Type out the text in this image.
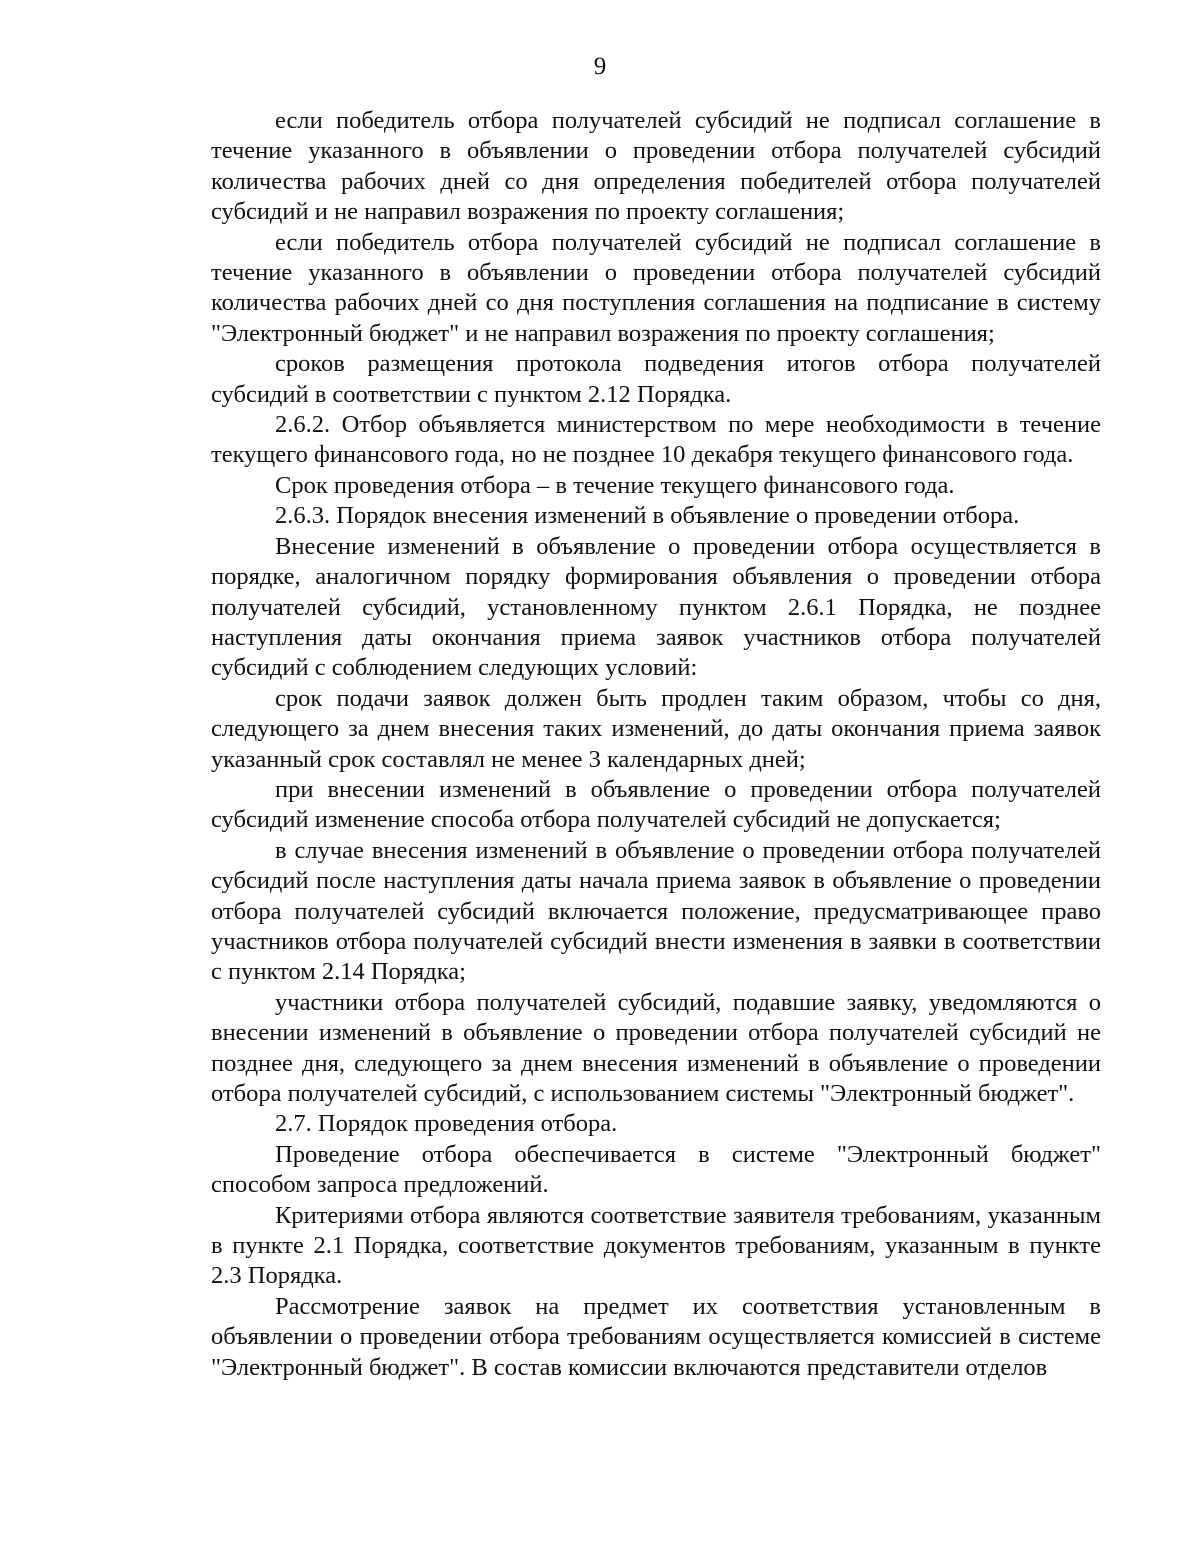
9

если победитель отбора получателей субсидий не подписал соглашение в течение указанного в объявлении о проведении отбора получателей субсидий количества рабочих дней со дня определения победителей отбора получателей субсидий и не направил возражения по проекту соглашения;

если победитель отбора получателей субсидий не подписал соглашение в течение указанного в объявлении о проведении отбора получателей субсидий количества рабочих дней со дня поступления соглашения на подписание в систему "Электронный бюджет" и не направил возражения по проекту соглашения;

сроков размещения протокола подведения итогов отбора получателей субсидий в соответствии с пунктом 2.12 Порядка.

2.6.2. Отбор объявляется министерством по мере необходимости в течение текущего финансового года, но не позднее 10 декабря текущего финансового года.

Срок проведения отбора – в течение текущего финансового года.

2.6.3. Порядок внесения изменений в объявление о проведении отбора.

Внесение изменений в объявление о проведении отбора осуществляется в порядке, аналогичном порядку формирования объявления о проведении отбора получателей субсидий, установленному пунктом 2.6.1 Порядка, не позднее наступления даты окончания приема заявок участников отбора получателей субсидий с соблюдением следующих условий:

срок подачи заявок должен быть продлен таким образом, чтобы со дня, следующего за днем внесения таких изменений, до даты окончания приема заявок указанный срок составлял не менее 3 календарных дней;

при внесении изменений в объявление о проведении отбора получателей субсидий изменение способа отбора получателей субсидий не допускается;

в случае внесения изменений в объявление о проведении отбора получателей субсидий после наступления даты начала приема заявок в объявление о проведении отбора получателей субсидий включается положение, предусматривающее право участников отбора получателей субсидий внести изменения в заявки в соответствии с пунктом 2.14 Порядка;

участники отбора получателей субсидий, подавшие заявку, уведомляются о внесении изменений в объявление о проведении отбора получателей субсидий не позднее дня, следующего за днем внесения изменений в объявление о проведении отбора получателей субсидий, с использованием системы "Электронный бюджет".

2.7. Порядок проведения отбора.

Проведение отбора обеспечивается в системе "Электронный бюджет" способом запроса предложений.

Критериями отбора являются соответствие заявителя требованиям, указанным в пункте 2.1 Порядка, соответствие документов требованиям, указанным в пункте 2.3 Порядка.

Рассмотрение заявок на предмет их соответствия установленным в объявлении о проведении отбора требованиям осуществляется комиссией в системе "Электронный бюджет". В состав комиссии включаются представители отделов
